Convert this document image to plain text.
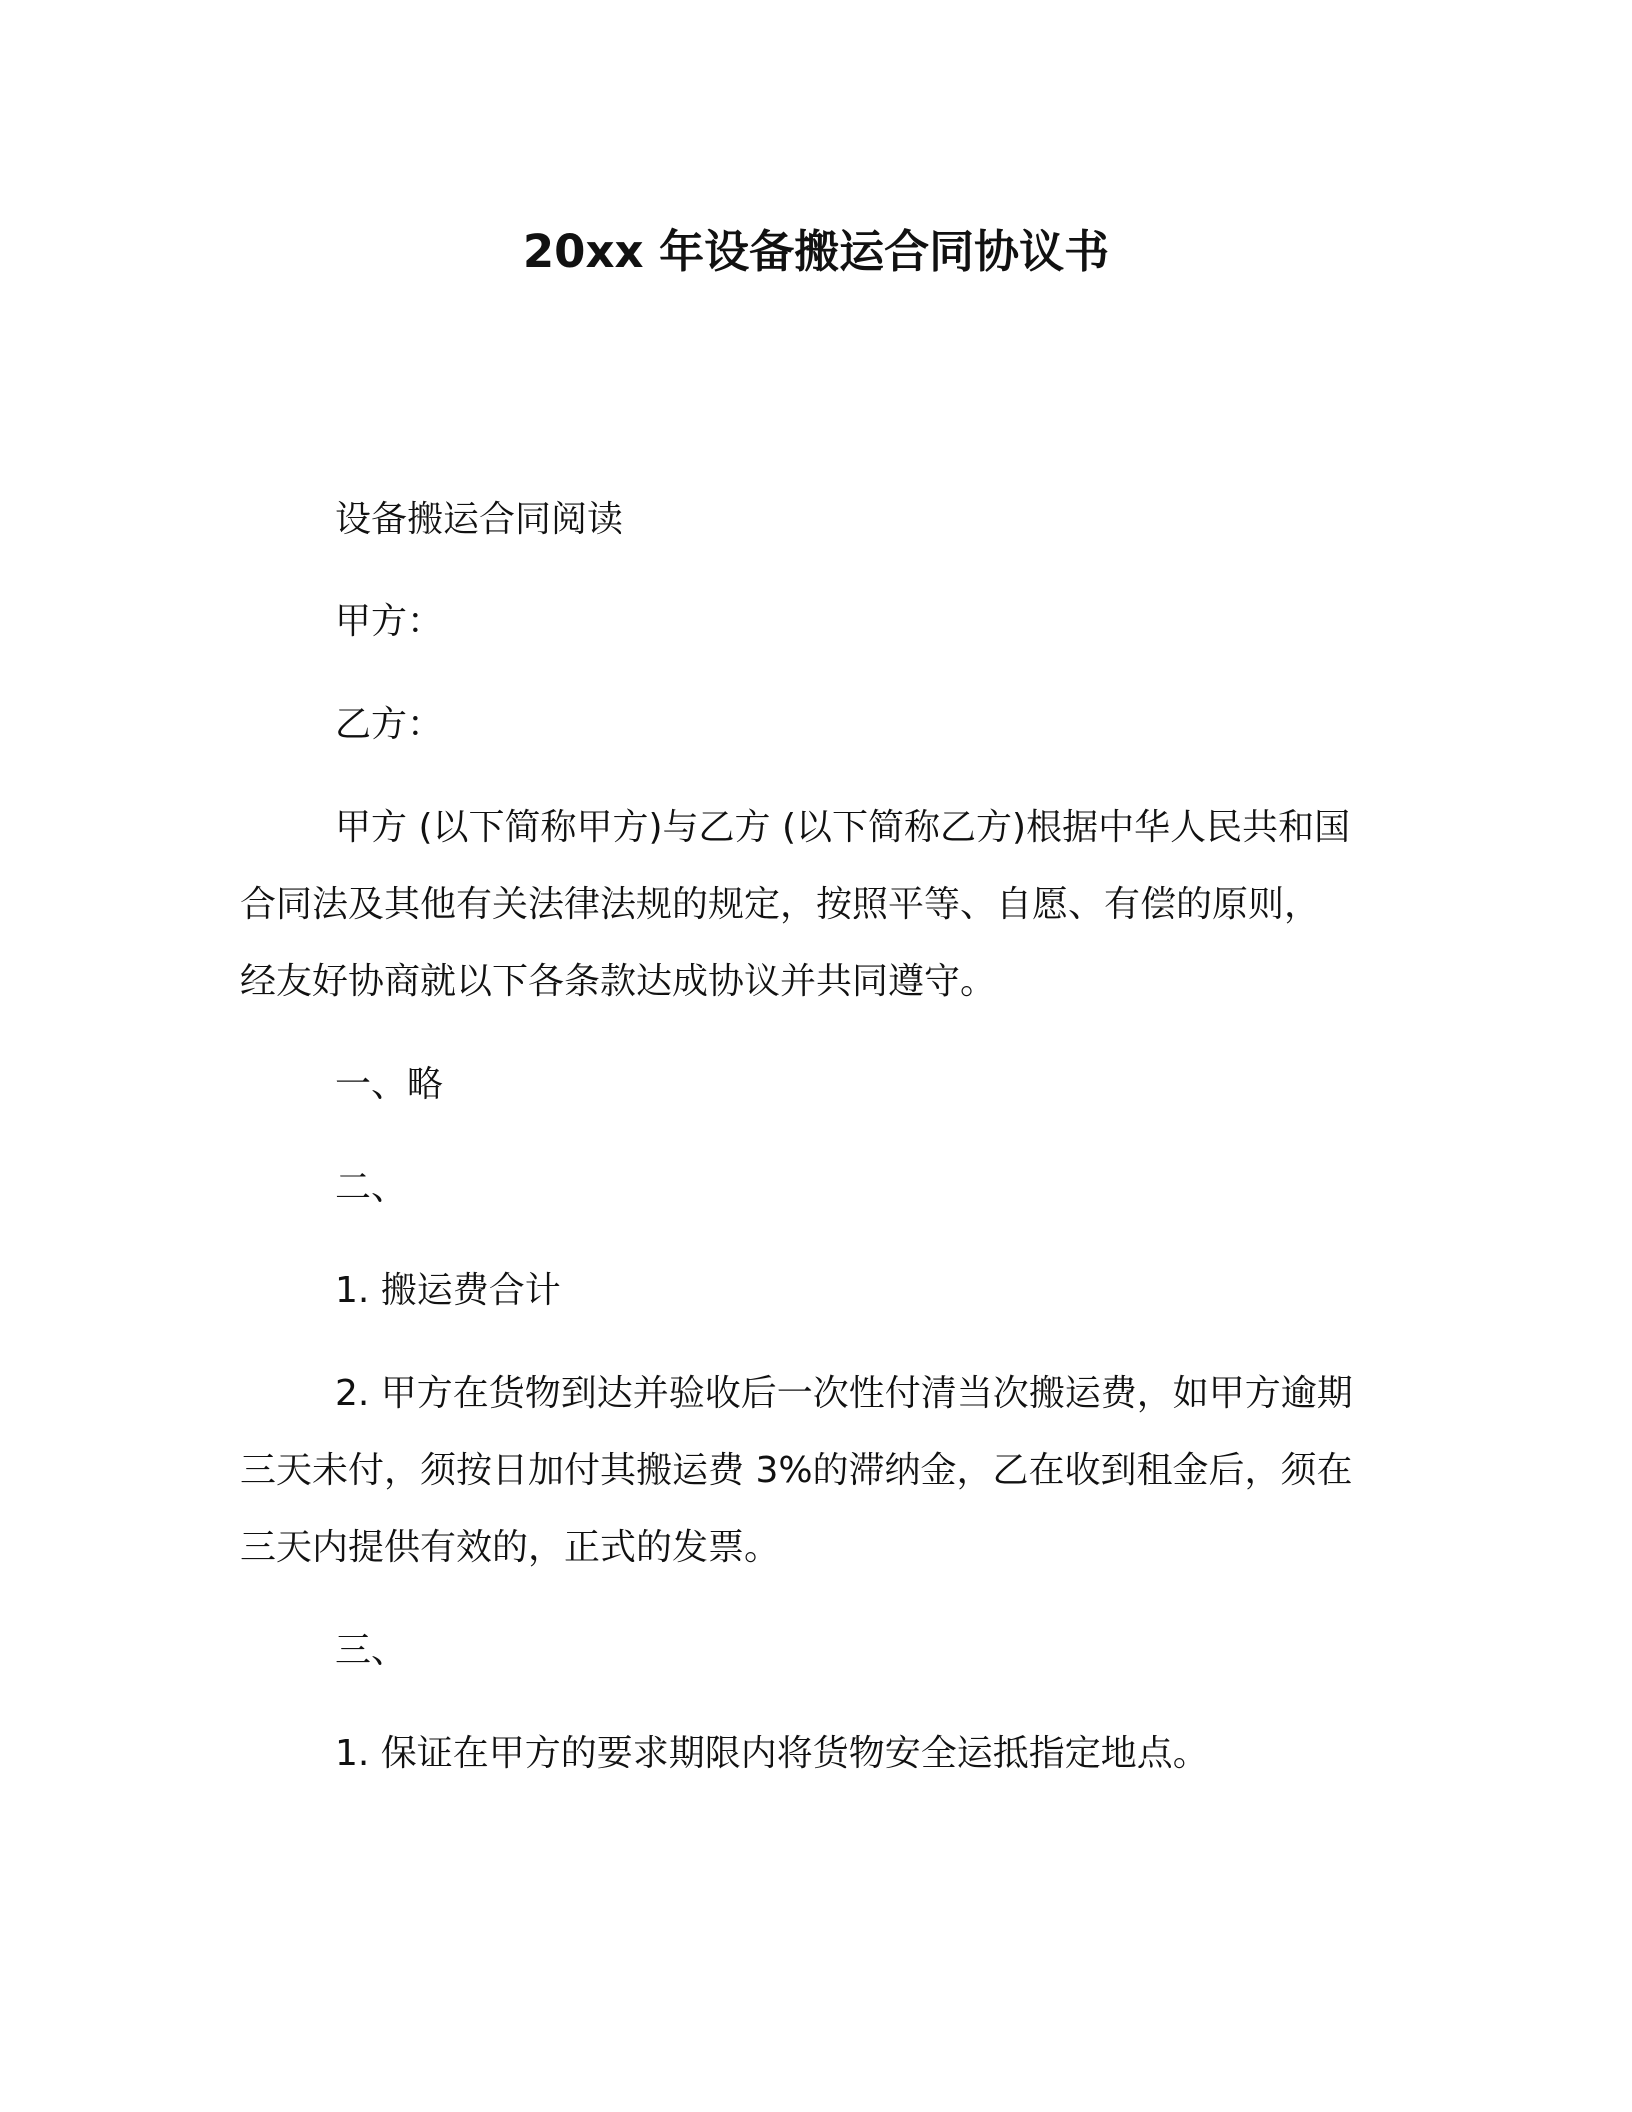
20xx 年设备搬运合同协议书
设备搬运合同阅读
甲方：
乙方：
甲方 (以下简称甲方)与乙方 (以下简称乙方)根据中华人民共和国
合同法及其他有关法律法规的规定，按照平等、自愿、有偿的原则，
经友好协商就以下各条款达成协议并共同遵守。
一、略
二、
1. 搬运费合计
2. 甲方在货物到达并验收后一次性付清当次搬运费，如甲方逾期
三天未付，须按日加付其搬运费 3%的滞纳金，乙在收到租金后，须在
三天内提供有效的，正式的发票。
三、
1. 保证在甲方的要求期限内将货物安全运抵指定地点。
